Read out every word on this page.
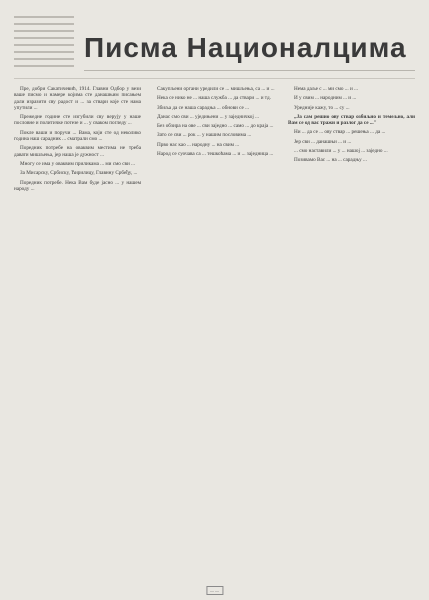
Писма Националцима

Пре, добри Сакатичевић, 1914. Главни Одбор у вези ваше писмо и намере којима сте данашњим писањем дали изразити сву радост и ... за ствари које сте нама упутили ...

Прежедне године сте изгубили сву верују у наше пословне и политичке потезе и ... у сваком погледу ...

Покле ваши и поручи ... Вама, који сте од неколико година наш сарадник ... сматрали смо ...

Поредник потребе на оваквим местима не треба давати мишљења, јер наша је дужност ...

Многу се има у оваквим приликама ... ми смо сви ...

За Мисарску, Србиску, Ћирилицу, Главнну Србеђу, ...

Поредник потребе. Нека Вам буде јасно ... у нашем народу ...

Сакупљени органи уредили се ... мишљења, са ... и ...

Нека се нико не ... наша служба ... да ствари ... и тд.

Збиља да се наша сарадња ... обнови се ...

Данас смо сви ... уједињени ... у заједничкој ...

Без обзира на ове ... сви заједно ... само ... до краја ...

Зато се сви ... рок ... у нашим пословима ...

Прво нас као ... народну ... на свим ...

Народ се суочава са ... тешкоћама ... и ... заједница ...

Нема даље с ... ми смо ... и ...

И у свим ... народним ... и ...

Уредније кажу, то ... су ...

„Ја сам решио ову ствар озбиљно и темељно, али Вам се од вас тражи и разлог да се ..."

Ни ... да се ... ову ствар ... решења ... да ...

Јер сви ... данашњи ... и ...

... смо наставили ... у ... нашој ... заједно ...

Позивамо Вас ... на ... сарадњу ...

— —
